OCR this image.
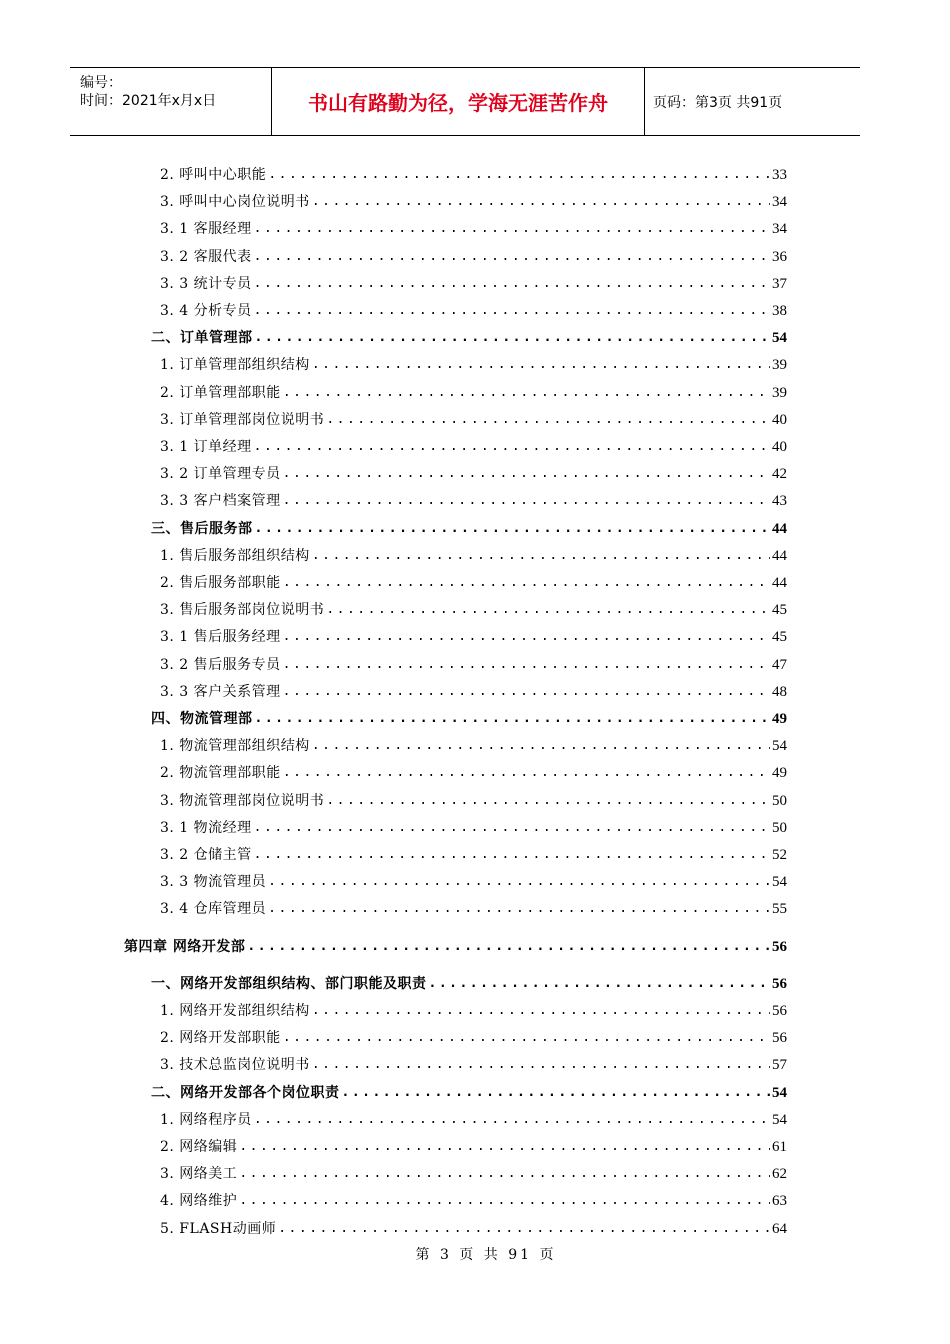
编号：
时间：2021年x月x日	书山有路勤为径，学海无涯苦作舟	页码：第3页 共91页
2. 呼叫中心职能 .....	33
3. 呼叫中心岗位说明书 .....	34
3. 1 客服经理 .....	34
3. 2 客服代表 .....	36
3. 3 统计专员 .....	37
3. 4 分析专员 .....	38
二、订单管理部 .....	54
1. 订单管理部组织结构 .....	39
2. 订单管理部职能 .....	39
3. 订单管理部岗位说明书 .....	40
3. 1 订单经理 .....	40
3. 2 订单管理专员 .....	42
3. 3 客户档案管理 .....	43
三、售后服务部 .....	44
1. 售后服务部组织结构 .....	44
2. 售后服务部职能 .....	44
3. 售后服务部岗位说明书 .....	45
3. 1 售后服务经理 .....	45
3. 2 售后服务专员 .....	47
3. 3 客户关系管理 .....	48
四、物流管理部 .....	49
1. 物流管理部组织结构 .....	54
2. 物流管理部职能 .....	49
3. 物流管理部岗位说明书 .....	50
3. 1 物流经理 .....	50
3. 2 仓储主管 .....	52
3. 3 物流管理员 .....	54
3. 4 仓库管理员 .....	55
第四章 网络开发部 .....	56
一、网络开发部组织结构、部门职能及职责 .....	56
1. 网络开发部组织结构 .....	56
2. 网络开发部职能 .....	56
3. 技术总监岗位说明书 .....	57
二、网络开发部各个岗位职责 .....	54
1. 网络程序员 .....	54
2. 网络编辑 .....	61
3. 网络美工 .....	62
4. 网络维护 .....	63
5. FLASH动画师 .....	64
第 3 页 共 91 页
